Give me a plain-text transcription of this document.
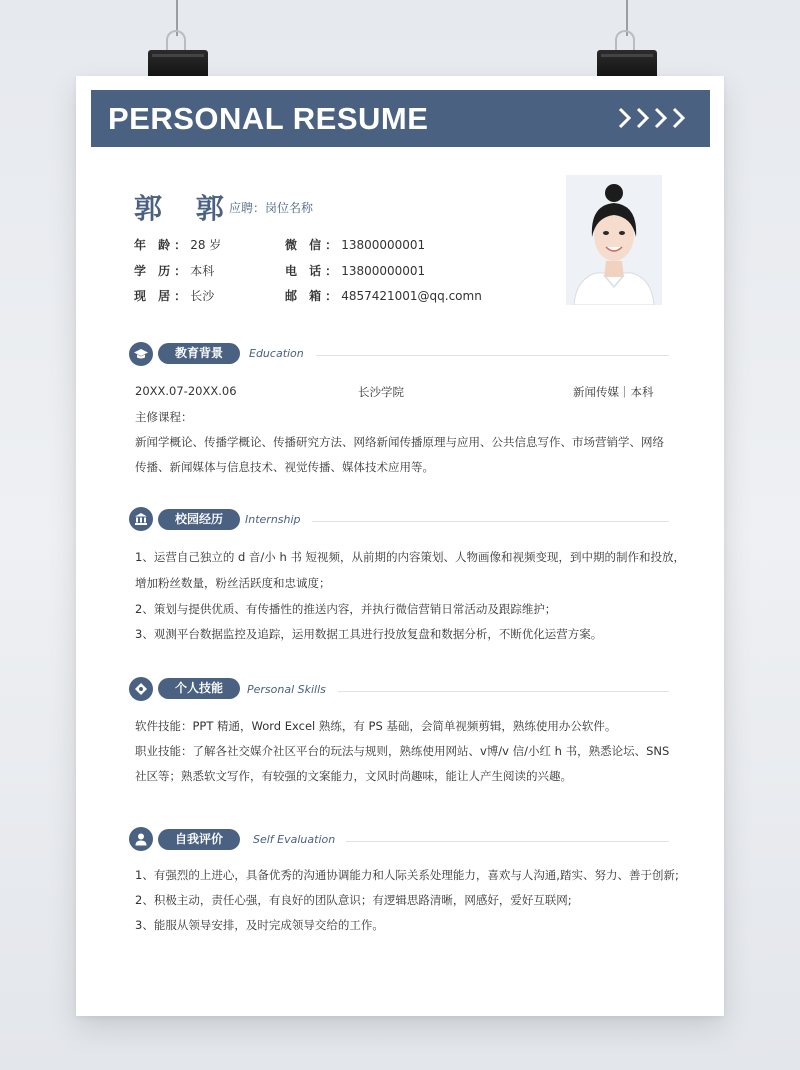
PERSONAL RESUME
郭 郭
应聘：岗位名称
年 龄：28 岁
学 历：本科
现 居：长沙
微 信：13800000001
电 话：13800000001
邮 箱：4857421001@qq.comn
教育背景	Education
20XX.07-20XX.06	长沙学院	新闻传媒｜本科
主修课程：
新闻学概论、传播学概论、传播研究方法、网络新闻传播原理与应用、公共信息写作、市场营销学、网络
传播、新闻媒体与信息技术、视觉传播、媒体技术应用等。
校园经历	Internship
1、运营自己独立的 d 音/小 h 书 短视频，从前期的内容策划、人物画像和视频变现，到中期的制作和投放，
增加粉丝数量，粉丝活跃度和忠诚度；
2、策划与提供优质、有传播性的推送内容，并执行微信营销日常活动及跟踪维护；
3、观测平台数据监控及追踪，运用数据工具进行投放复盘和数据分析，不断优化运营方案。
个人技能	Personal Skills
软件技能：PPT 精通，Word Excel 熟练，有 PS 基础，会简单视频剪辑，熟练使用办公软件。
职业技能：了解各社交媒介社区平台的玩法与规则，熟练使用网站、v博/v 信/小红 h 书，熟悉论坛、SNS
社区等；熟悉软文写作，有较强的文案能力，文风时尚趣味，能让人产生阅读的兴趣。
自我评价	Self Evaluation
1、有强烈的上进心，具备优秀的沟通协调能力和人际关系处理能力，喜欢与人沟通,踏实、努力、善于创新;
2、积极主动，责任心强，有良好的团队意识；有逻辑思路清晰，网感好，爱好互联网;
3、能服从领导安排，及时完成领导交给的工作。
